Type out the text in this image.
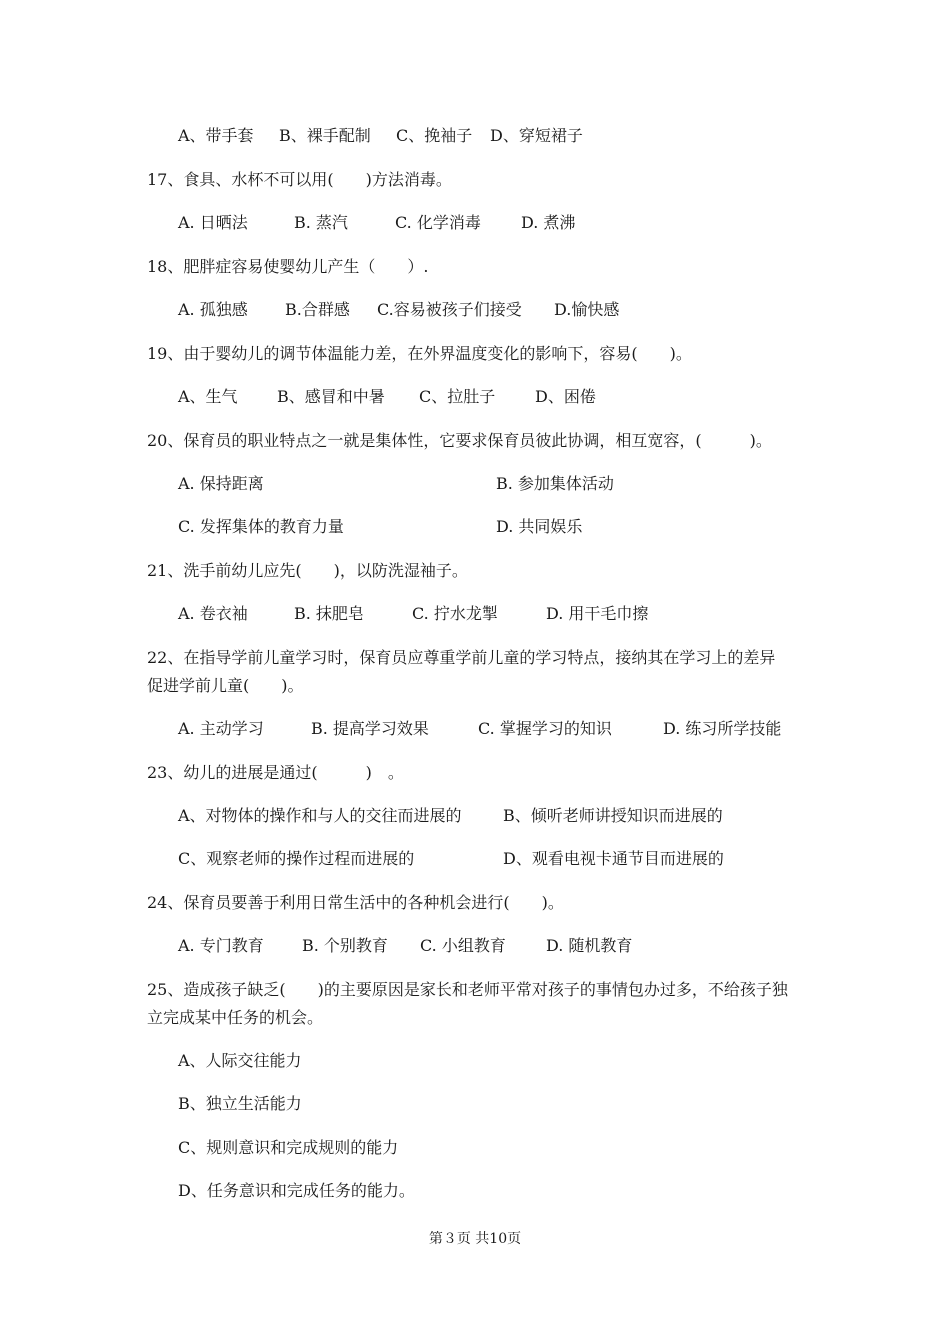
A、带手套 B、裸手配制 C、挽袖子 D、穿短裙子
17、食具、水杯不可以用(　　)方法消毒。
A. 日晒法	B. 蒸汽	C. 化学消毒	D. 煮沸
18、肥胖症容易使婴幼儿产生（　　）.
A. 孤独感 B.合群感 C.容易被孩子们接受 D.愉快感
19、由于婴幼儿的调节体温能力差，在外界温度变化的影响下，容易(　　)。
A、生气 B、感冒和中暑 C、拉肚子 D、困倦
20、保育员的职业特点之一就是集体性，它要求保育员彼此协调，相互宽容，(　　　)。
A. 保持距离	B. 参加集体活动
C. 发挥集体的教育力量	D. 共同娱乐
21、洗手前幼儿应先(　　)，以防洗湿袖子。
A. 卷衣袖	B. 抹肥皂	C. 拧水龙掣	D. 用干毛巾擦
22、在指导学前儿童学习时，保育员应尊重学前儿童的学习特点，接纳其在学习上的差异
促进学前儿童(　　)。
A. 主动学习	B. 提高学习效果	C. 掌握学习的知识	D. 练习所学技能
23、幼儿的进展是通过(　　　)　。
A、对物体的操作和与人的交往而进展的	B、倾听老师讲授知识而进展的
C、观察老师的操作过程而进展的	D、观看电视卡通节目而进展的
24、保育员要善于利用日常生活中的各种机会进行(　　)。
A. 专门教育 B. 个别教育 C. 小组教育	D. 随机教育
25、造成孩子缺乏(　　)的主要原因是家长和老师平常对孩子的事情包办过多，不给孩子独
立完成某中任务的机会。
A、人际交往能力
B、独立生活能力
C、规则意识和完成规则的能力
D、任务意识和完成任务的能力。
第３页 共10页
